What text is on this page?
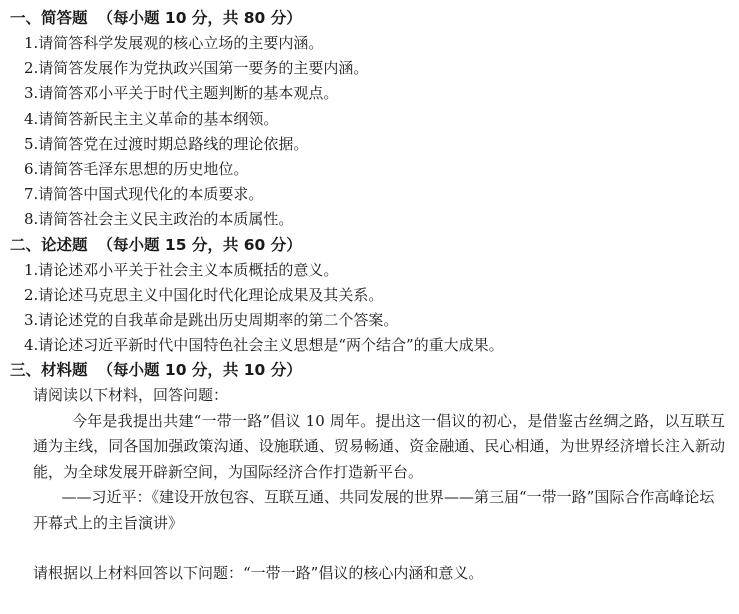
一、简答题 （每小题 10 分，共 80 分）
1.请简答科学发展观的核心立场的主要内涵。
2.请简答发展作为党执政兴国第一要务的主要内涵。
3.请简答邓小平关于时代主题判断的基本观点。
4.请简答新民主主义革命的基本纲领。
5.请简答党在过渡时期总路线的理论依据。
6.请简答毛泽东思想的历史地位。
7.请简答中国式现代化的本质要求。
8.请简答社会主义民主政治的本质属性。
二、论述题 （每小题 15 分，共 60 分）
1.请论述邓小平关于社会主义本质概括的意义。
2.请论述马克思主义中国化时代化理论成果及其关系。
3.请论述党的自我革命是跳出历史周期率的第二个答案。
4.请论述习近平新时代中国特色社会主义思想是“两个结合”的重大成果。
三、材料题 （每小题 10 分，共 10 分）
请阅读以下材料，回答问题：

今年是我提出共建“一带一路”倡议 10 周年。提出这一倡议的初心，是借鉴古丝绸之路，以互联互通为主线，同各国加强政策沟通、设施联通、贸易畅通、资金融通、民心相通，为世界经济增长注入新动能，为全球发展开辟新空间，为国际经济合作打造新平台。

——习近平：《建设开放包容、互联互通、共同发展的世界——第三届“一带一路”国际合作高峰论坛开幕式上的主旨演讲》

请根据以上材料回答以下问题：“一带一路”倡议的核心内涵和意义。
